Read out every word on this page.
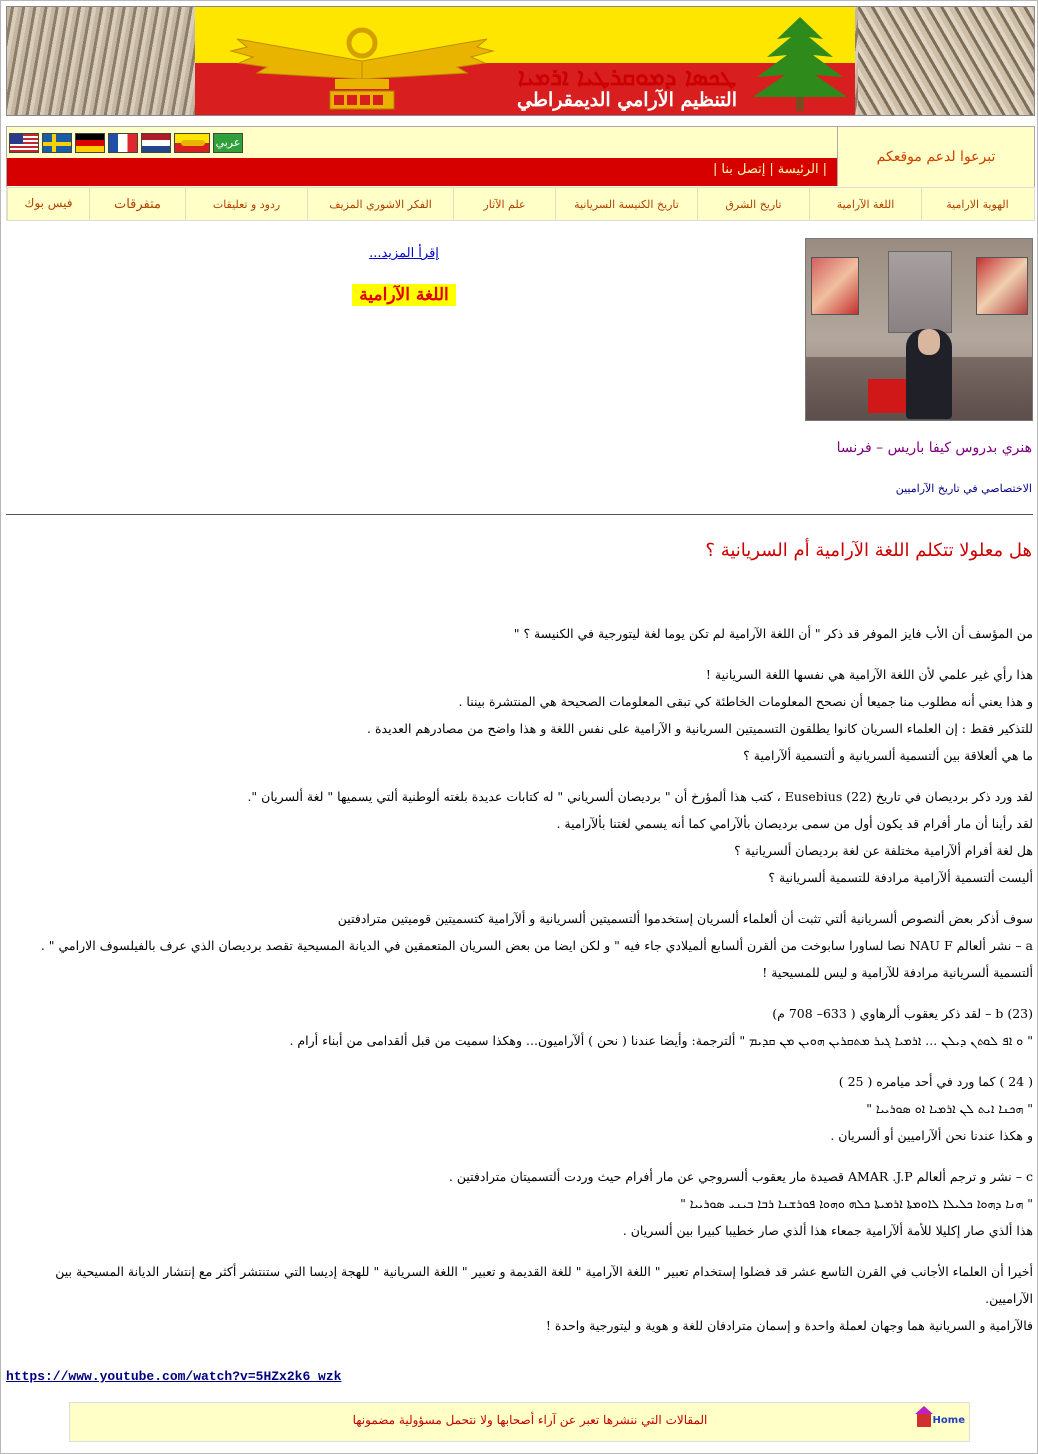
ܛܟܣܐ ܕܡܘܩܪܛܝܐ ܐܪܡܝܐ
التنظيم الآرامي الديمقراطي
عربي
|الرئيسة|إتصل بنا|
تبرعوا لدعم موقعكم
الهوية الارامية
اللغة الآرامية
تاريخ الشرق
تاريخ الكنيسة السريانية
علم الآثار
الفكر الاشوري المزيف
ردود و تعليقات
متفرقات
فيس بوك
إقرأ المزيد...
اللغة الآرامية
هنري بدروس كيفا باريس – فرنسا
الاختصاصي في تاريخ الآراميين
هل معلولا تتكلم اللغة الآرامية أم السريانية ؟

من المؤسف أن الأب فايز الموفر قد ذكر " أن اللغة الآرامية لم تكن يوما لغة ليتورجية في الكنيسة ؟ "

هذا رأي غير علمي لأن اللغة الآرامية هي نفسها اللغة السريانية !

و هذا يعني أنه مطلوب منا جميعا أن نصحح المعلومات الخاطئة كي تبقى المعلومات الصحيحة هي المنتشرة بيننا .

للتذكير فقط : إن العلماء السريان كانوا يطلقون التسميتين السريانية و الآرامية على نفس اللغة و هذا واضح من مصادرهم العديدة .

ما هي ألعلاقة بين ألتسمية ألسريانية و ألتسمية ألآرامية ؟

لقد ورد ذكر برديصان في تاريخ (22) Eusebius ، كتب هذا ألمؤرخ أن " برديصان ألسرياني " له كتابات عديدة بلغته ألوطنية ألتي يسميها " لغة ألسريان ".

لقد رأينا أن مار أفرام قد يكون أول من سمى برديصان بألآرامي كما أنه يسمي لغتنا بألآرامية .

هل لغة أفرام ألآرامية مختلفة عن لغة برديصان ألسريانية ؟

أليست ألتسمية ألآرامية مرادفة للتسمية ألسريانية ؟

سوف أذكر بعض ألنصوص ألسريانية ألتي تثبت أن ألعلماء ألسريان إستخدموا ألتسميتين ألسريانية و ألآرامية كتسميتين قوميتين مترادفتين

a – نشر ألعالم NAU F نصا لساورا سابوخت من ألقرن ألسابع ألميلادي جاء فيه " و لكن ايضا من بعض السريان المتعمقين في الديانة المسيحية تقصد برديصان الذي عرف بالفيلسوف الارامي " .

ألتسمية ألسريانية مرادفة للآرامية و ليس للمسيحية !

(23) b – لقد ذكر يعقوب ألرهاوي ( 633– 708 م)

" ܘ ܐܦ ܠܘܬܢ ܕܝܠܢ ... ܐܪܡܝܐ ܓܝܪ ܡܬܩܪܝܢ ܗܘܝܢ ܡܢ ܩܕܝܡ " ألترجمة: وأيضا عندنا ( نحن ) ألآراميون... وهكذا سميت من قبل ألقدامى من أبناء أرام .

( 24 ) كما ورد في أحد ميامره ( 25 )

" ܗܟܢܐ ܐܝܬ ܠܢ ܐܪܡܝܐ ܐܘ ܣܘܪܝܝܐ "

و هكذا عندنا نحن ألآراميين أو ألسريان .

c – نشر و ترجم ألعالم AMAR .J.P قصيدة مار يعقوب ألسروجي عن مار أفرام حيث وردت ألتسميتان مترادفتين .

" ܗܢܐ ܕܗܘܐ ܟܠܝܠܐ ܠܐܘܡܬܐ ܐܪܡܝܬܐ ܟܠܗ ܘܗܘܐ ܦܘܪܫܢܐ ܪܒܐ ܒܝܢܝ ܣܘܪܝܝܐ "

هذا ألذي صار إكليلا للأمة ألآرامية جمعاء هذا ألذي صار خطيبا كبيرا بين ألسريان .

أخيرا أن العلماء الأجانب في القرن التاسع عشر قد فضلوا إستخدام تعبير " اللغة الآرامية " للغة القديمة و تعبير " اللغة السريانية " للهجة إديسا التي ستنتشر أكثر مع إنتشار الديانة المسيحية بين الآراميين.

فالآرامية و السريانية هما وجهان لعملة واحدة و إسمان مترادفان للغة و هوية و ليتورجية واحدة !

https://www.youtube.com/watch?v=5HZx2k6_wzk
المقالات التي ننشرها تعبر عن آراء أصحابها ولا نتحمل مسؤولية مضمونها	Home
